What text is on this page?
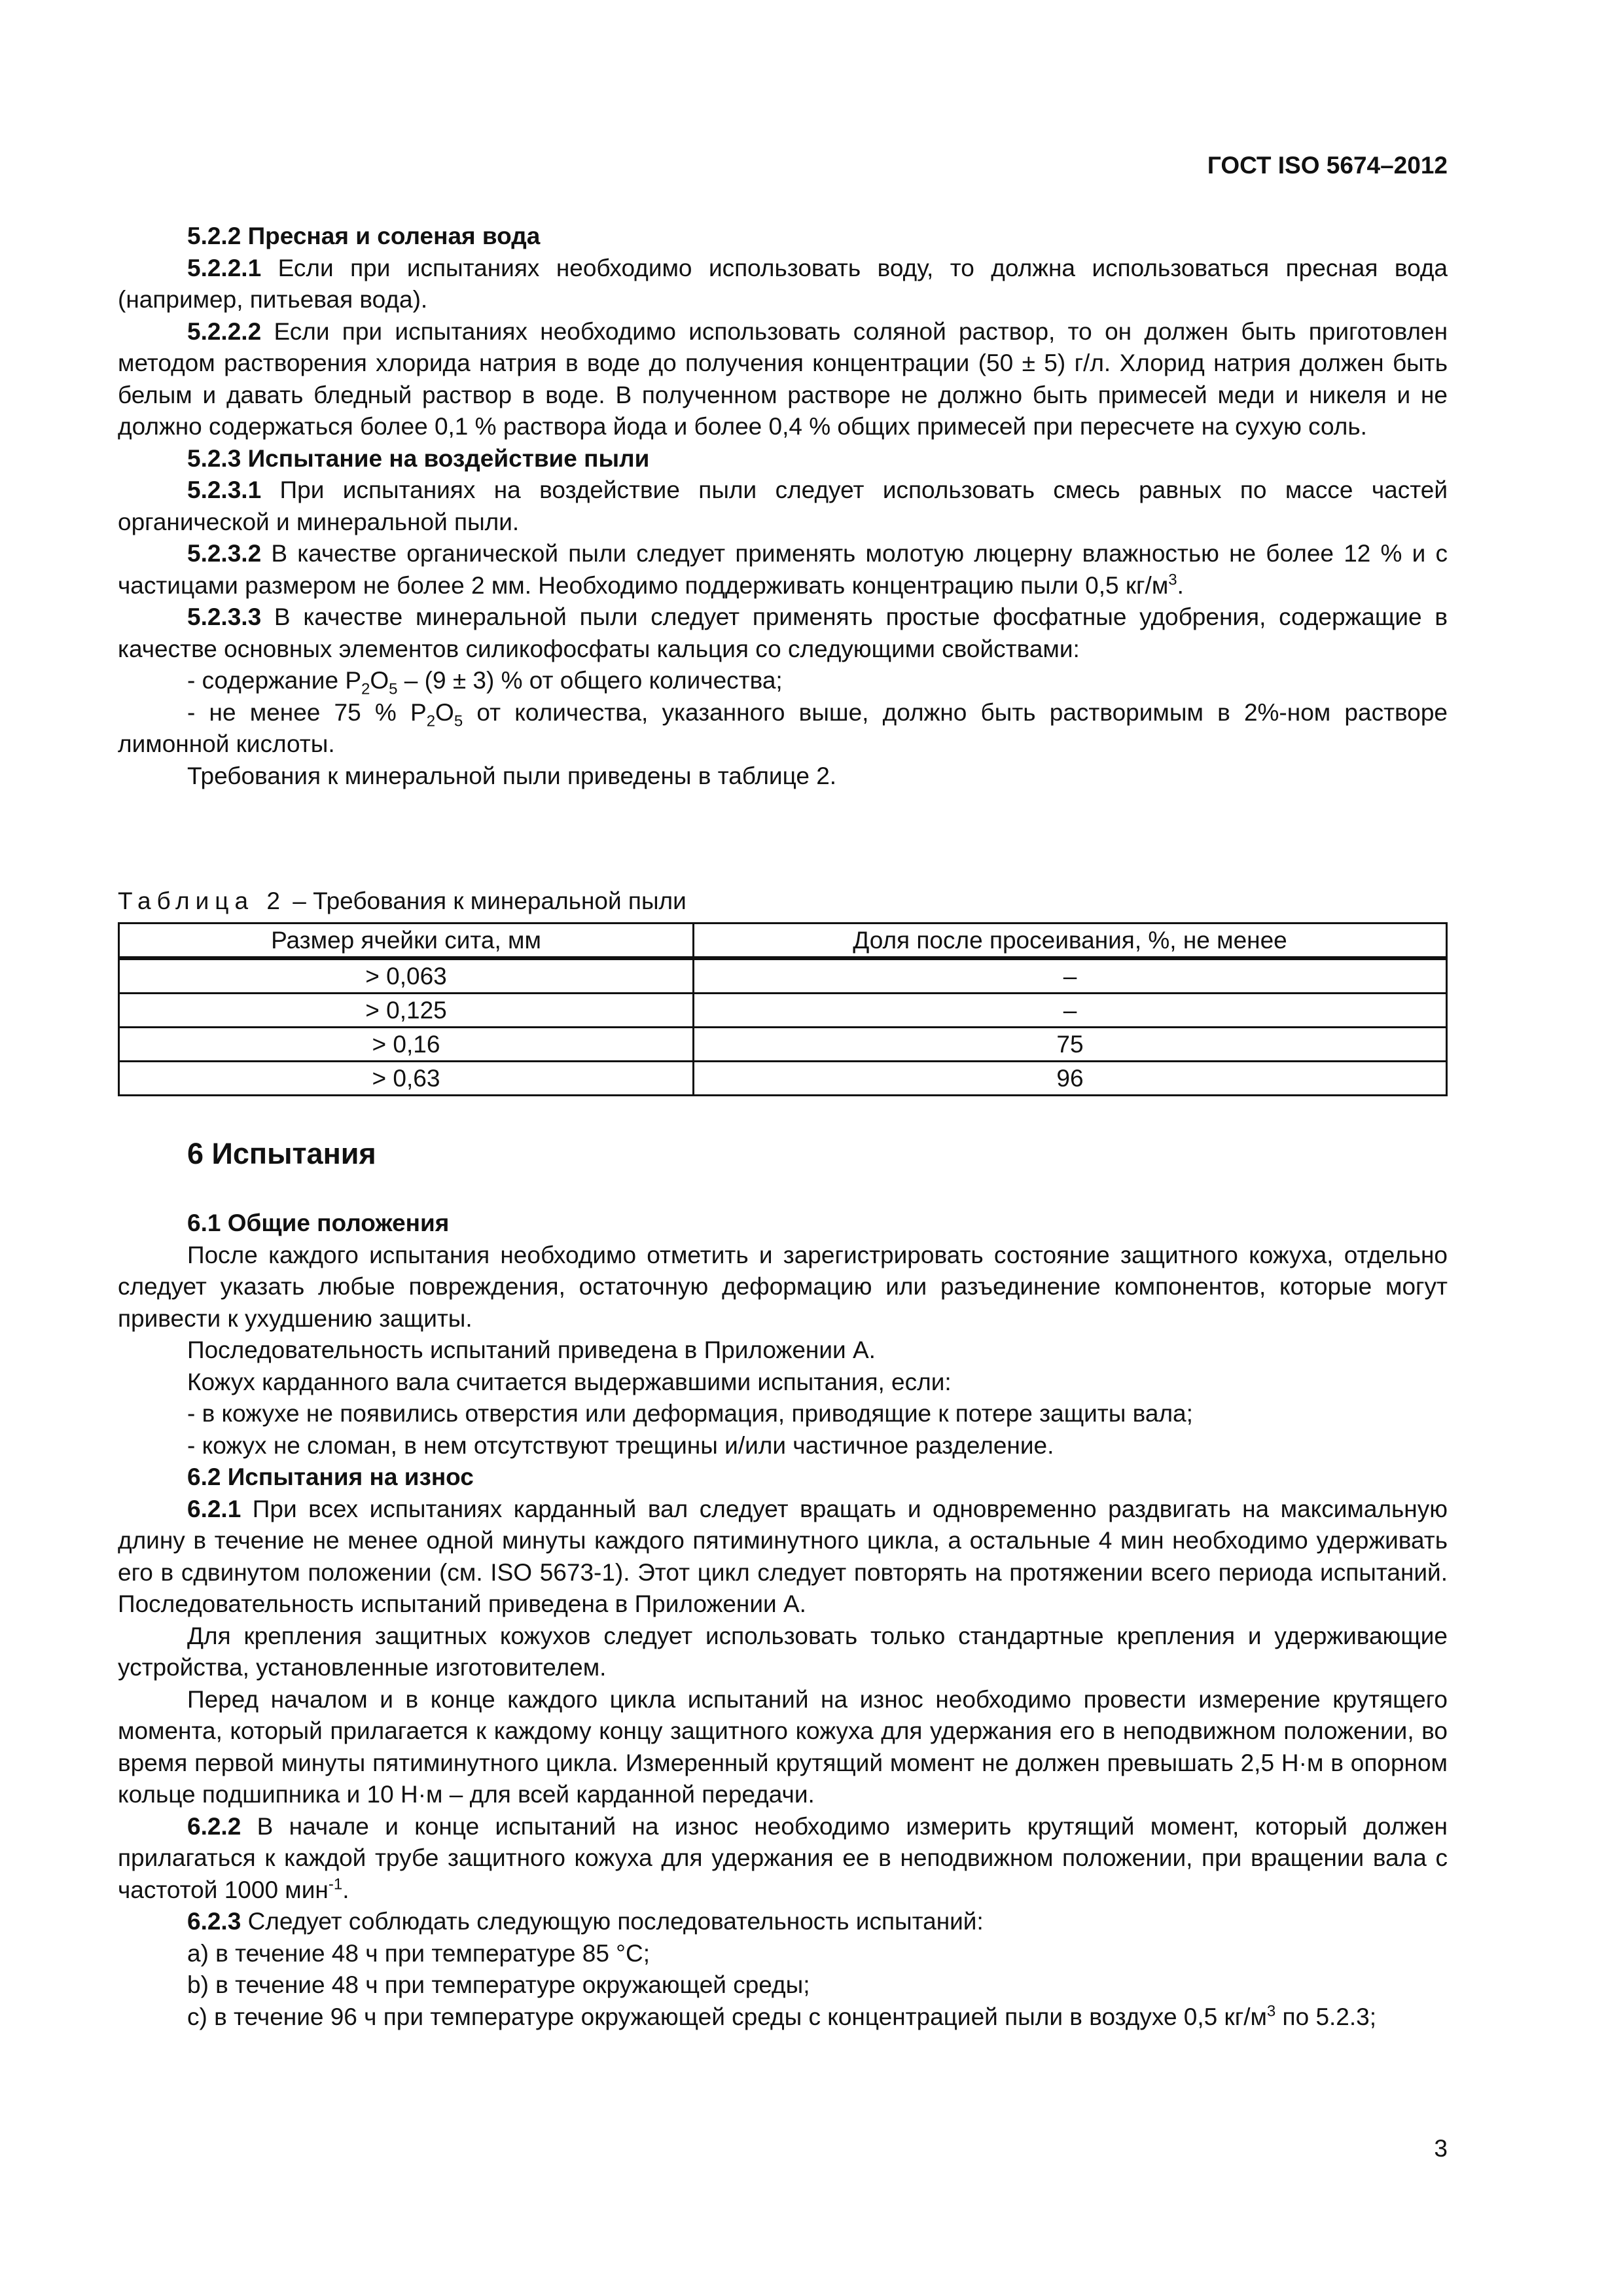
ГОСТ ISO 5674–2012

5.2.2 Пресная и соленая вода

5.2.2.1 Если при испытаниях необходимо использовать воду, то должна использоваться пресная вода (например, питьевая вода).

5.2.2.2 Если при испытаниях необходимо использовать соляной раствор, то он должен быть приготовлен методом растворения хлорида натрия в воде до получения концентрации (50 ± 5) г/л. Хлорид натрия должен быть белым и давать бледный раствор в воде. В полученном растворе не должно быть примесей меди и никеля и не должно содержаться более 0,1 % раствора йода и более 0,4 % общих примесей при пересчете на сухую соль.

5.2.3 Испытание на воздействие пыли

5.2.3.1 При испытаниях на воздействие пыли следует использовать смесь равных по массе частей органической и минеральной пыли.

5.2.3.2 В качестве органической пыли следует применять молотую люцерну влажностью не более 12 % и с частицами размером не более 2 мм. Необходимо поддерживать концентрацию пыли 0,5 $кг/м^3$.

5.2.3.3 В качестве минеральной пыли следует применять простые фосфатные удобрения, содержащие в качестве основных элементов силикофосфаты кальция со следующими свойствами:

- содержание $P_2O_5 - (9 \pm 3)$ % от общего количества;

- не менее 75 % $P_2O_5$ от количества, указанного выше, должно быть растворимым в 2%-ном растворе лимонной кислоты.

Требования к минеральной пыли приведены в таблице 2.

Таблица 2 – Требования к минеральной пыли
Размер ячейки сита, мм	Доля после просеивания, %, не менее
> 0,063	–
> 0,125	–
> 0,16	75
> 0,63	96
6 Испытания

6.1 Общие положения

После каждого испытания необходимо отметить и зарегистрировать состояние защитного кожуха, отдельно следует указать любые повреждения, остаточную деформацию или разъединение компонентов, которые могут привести к ухудшению защиты.

Последовательность испытаний приведена в Приложении А.

Кожух карданного вала считается выдержавшими испытания, если:

- в кожухе не появились отверстия или деформация, приводящие к потере защиты вала;

- кожух не сломан, в нем отсутствуют трещины и/или частичное разделение.

6.2 Испытания на износ

6.2.1 При всех испытаниях карданный вал следует вращать и одновременно раздвигать на максимальную длину в течение не менее одной минуты каждого пятиминутного цикла, а остальные 4 мин необходимо удерживать его в сдвинутом положении (см. ISO 5673-1). Этот цикл следует повторять на протяжении всего периода испытаний. Последовательность испытаний приведена в Приложении А.

Для крепления защитных кожухов следует использовать только стандартные крепления и удерживающие устройства, установленные изготовителем.

Перед началом и в конце каждого цикла испытаний на износ необходимо провести измерение крутящего момента, который прилагается к каждому концу защитного кожуха для удержания его в неподвижном положении, во время первой минуты пятиминутного цикла. Измеренный крутящий момент не должен превышать 2,5 Н·м в опорном кольце подшипника и 10 Н·м – для всей карданной передачи.

6.2.2 В начале и конце испытаний на износ необходимо измерить крутящий момент, который должен прилагаться к каждой трубе защитного кожуха для удержания ее в неподвижном положении, при вращении вала с частотой 1000 мин$^{-1}$.

6.2.3 Следует соблюдать следующую последовательность испытаний:

а) в течение 48 ч при температуре 85 °С;

b) в течение 48 ч при температуре окружающей среды;

с) в течение 96 ч при температуре окружающей среды с концентрацией пыли в воздухе 0,5 $кг/м^3$ по 5.2.3;

3
